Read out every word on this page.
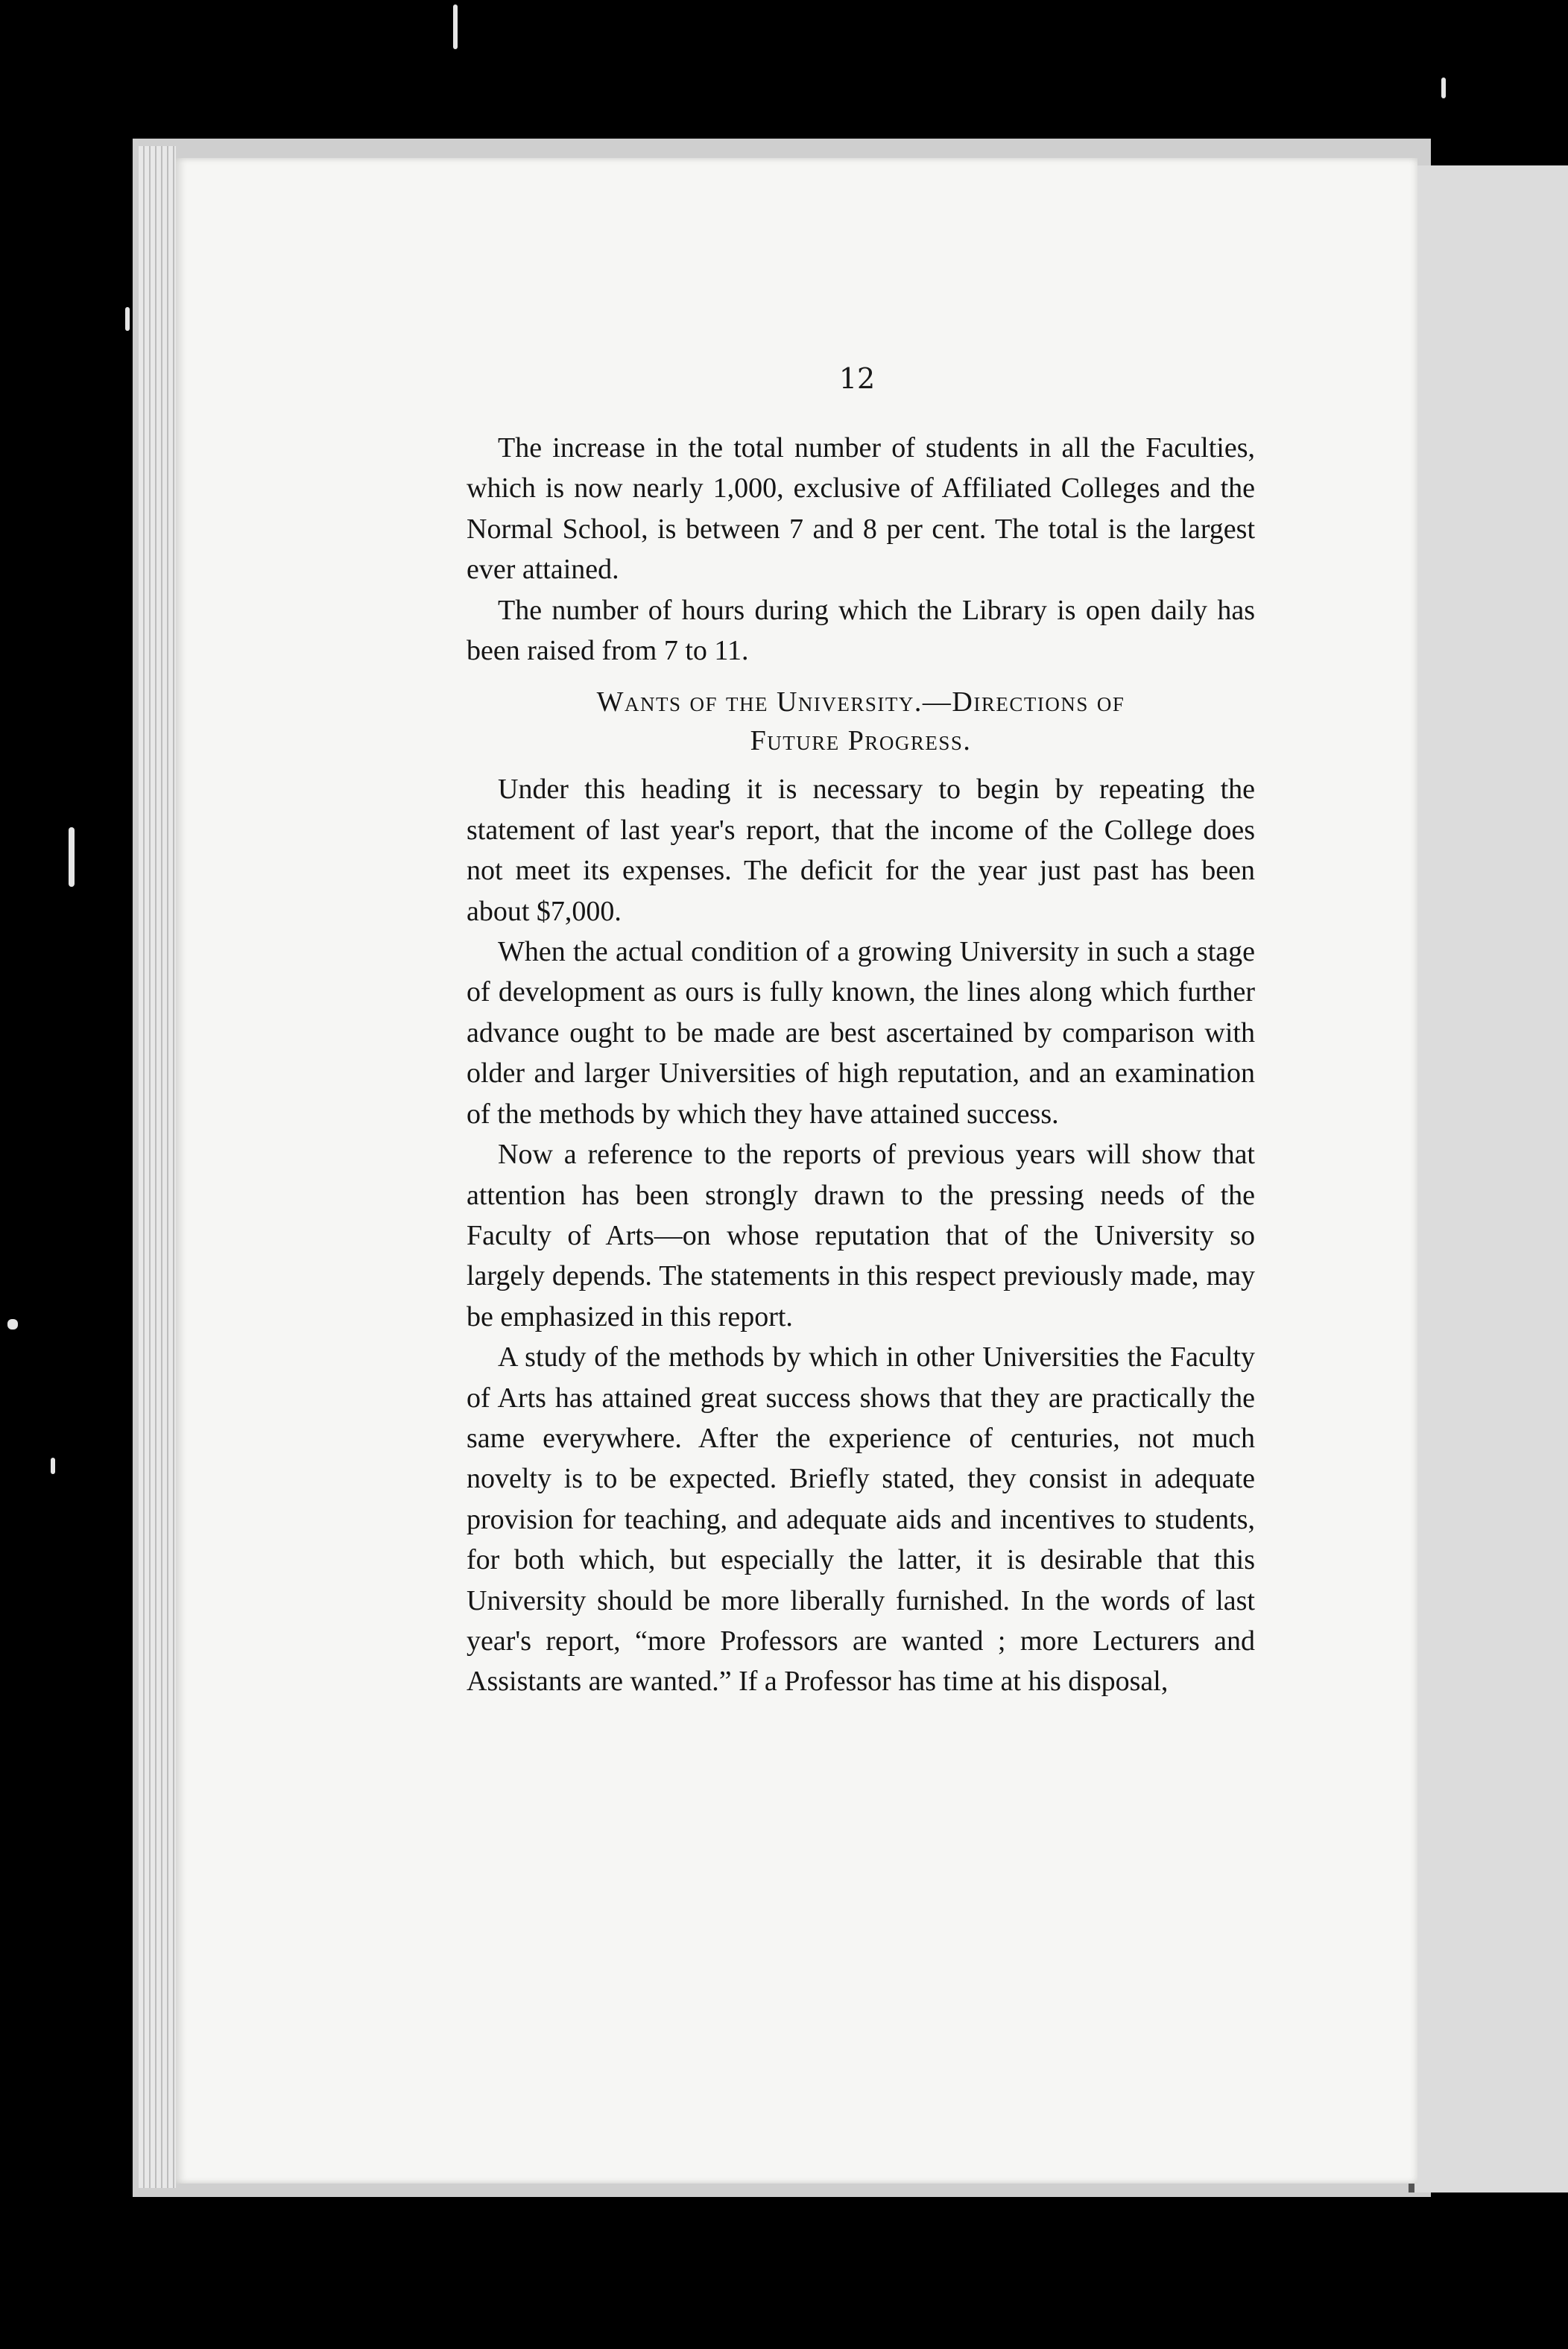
12

The increase in the total number of students in all the Faculties, which is now nearly 1,000, exclusive of Affiliated Colleges and the Normal School, is between 7 and 8 per cent. The total is the largest ever attained.

The number of hours during which the Library is open daily has been raised from 7 to 11.

Wants of the University.—Directions of
Future Progress.

Under this heading it is necessary to begin by repeating the statement of last year's report, that the income of the College does not meet its expenses. The deficit for the year just past has been about $7,000.

When the actual condition of a growing University in such a stage of development as ours is fully known, the lines along which further advance ought to be made are best ascertained by comparison with older and larger Universities of high reputation, and an examination of the methods by which they have attained success.

Now a reference to the reports of previous years will show that attention has been strongly drawn to the pressing needs of the Faculty of Arts—on whose reputation that of the University so largely depends. The statements in this respect previously made, may be emphasized in this report.

A study of the methods by which in other Universities the Faculty of Arts has attained great success shows that they are practically the same everywhere. After the experience of centuries, not much novelty is to be expected. Briefly stated, they consist in adequate provision for teaching, and adequate aids and incentives to students, for both which, but especially the latter, it is desirable that this University should be more liberally furnished. In the words of last year's report, “more Professors are wanted ; more Lecturers and Assistants are wanted.” If a Professor has time at his disposal,
